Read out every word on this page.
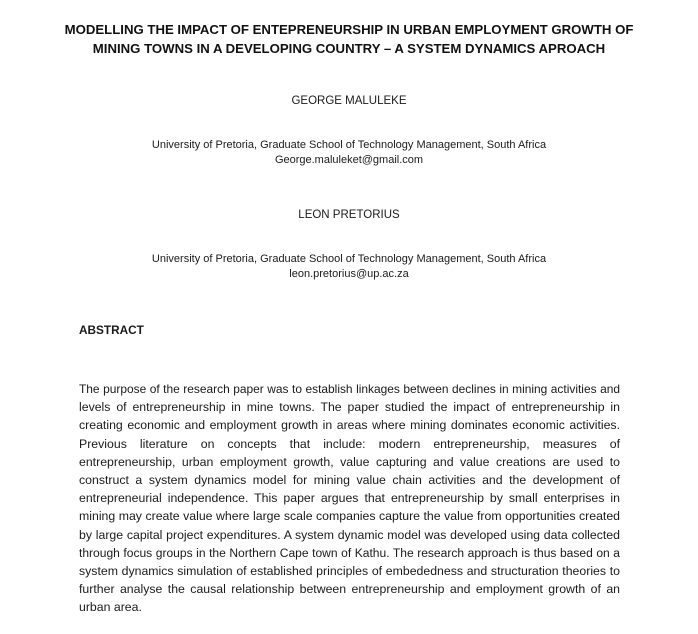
MODELLING THE IMPACT OF ENTEPRENEURSHIP IN URBAN EMPLOYMENT GROWTH OF
MINING TOWNS IN A DEVELOPING COUNTRY – A SYSTEM DYNAMICS APROACH
GEORGE MALULEKE
University of Pretoria, Graduate School of Technology Management, South Africa
George.maluleket@gmail.com
LEON PRETORIUS
University of Pretoria, Graduate School of Technology Management, South Africa
leon.pretorius@up.ac.za
ABSTRACT
The purpose of the research paper was to establish linkages between declines in mining activities and
levels of entrepreneurship in mine towns. The paper studied the impact of entrepreneurship in
creating economic and employment growth in areas where mining dominates economic activities.
Previous literature on concepts that include: modern entrepreneurship, measures of
entrepreneurship, urban employment growth, value capturing and value creations are used to
construct a system dynamics model for mining value chain activities and the development of
entrepreneurial independence. This paper argues that entrepreneurship by small enterprises in
mining may create value where large scale companies capture the value from opportunities created
by large capital project expenditures. A system dynamic model was developed using data collected
through focus groups in the Northern Cape town of Kathu. The research approach is thus based on a
system dynamics simulation of established principles of embededness and structuration theories to
further analyse the causal relationship between entrepreneurship and employment growth of an
urban area.
